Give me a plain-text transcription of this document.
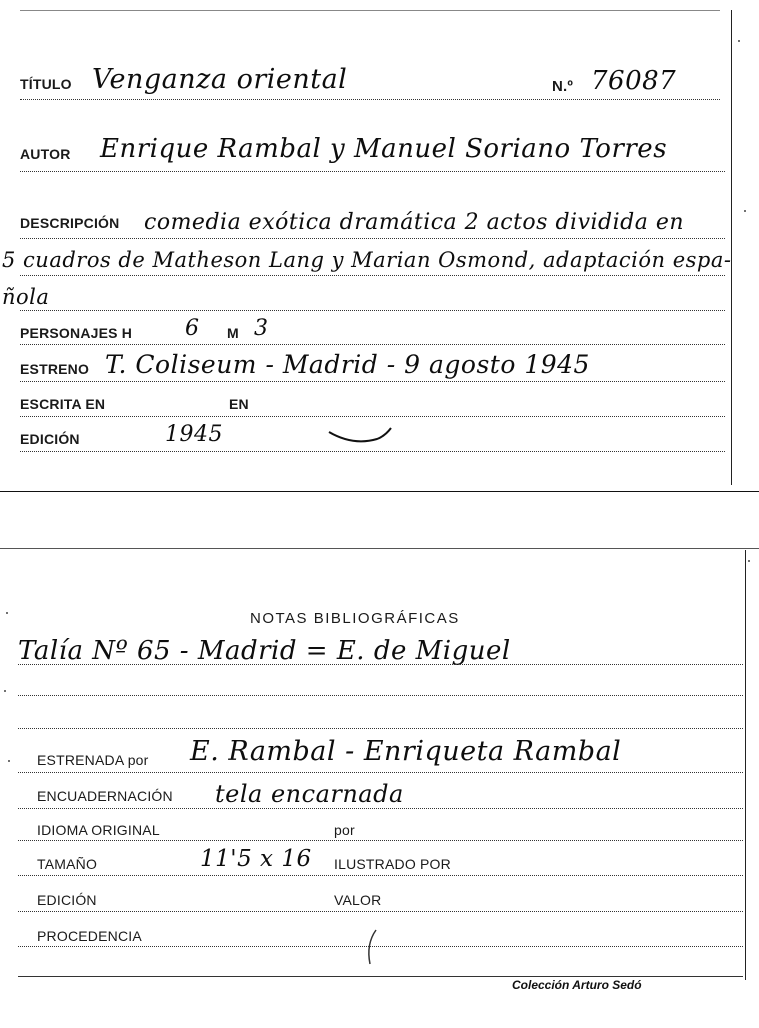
TÍTULO Venganza oriental	N.º 76087
AUTOR Enrique Rambal y Manuel Soriano Torres
DESCRIPCIÓN comedia exótica dramática 2 actos dividida en
5 cuadros de Matheson Lang y Marian Osmond, adaptación espa-
ñola
PERSONAJES H 6 M 3
ESTRENO T. Coliseum - Madrid - 9 agosto 1945
ESCRITA EN	EN
EDICIÓN	1945
NOTAS BIBLIOGRÁFICAS
Talía Nº 65 - Madrid = E. de Miguel
ESTRENADA por E. Rambal - Enriqueta Rambal
ENCUADERNACIÓN tela encarnada
IDIOMA ORIGINAL	por
TAMAÑO	11'5 x 16 ILUSTRADO POR
EDICIÓN	VALOR
PROCEDENCIA
Colección Arturo Sedó
